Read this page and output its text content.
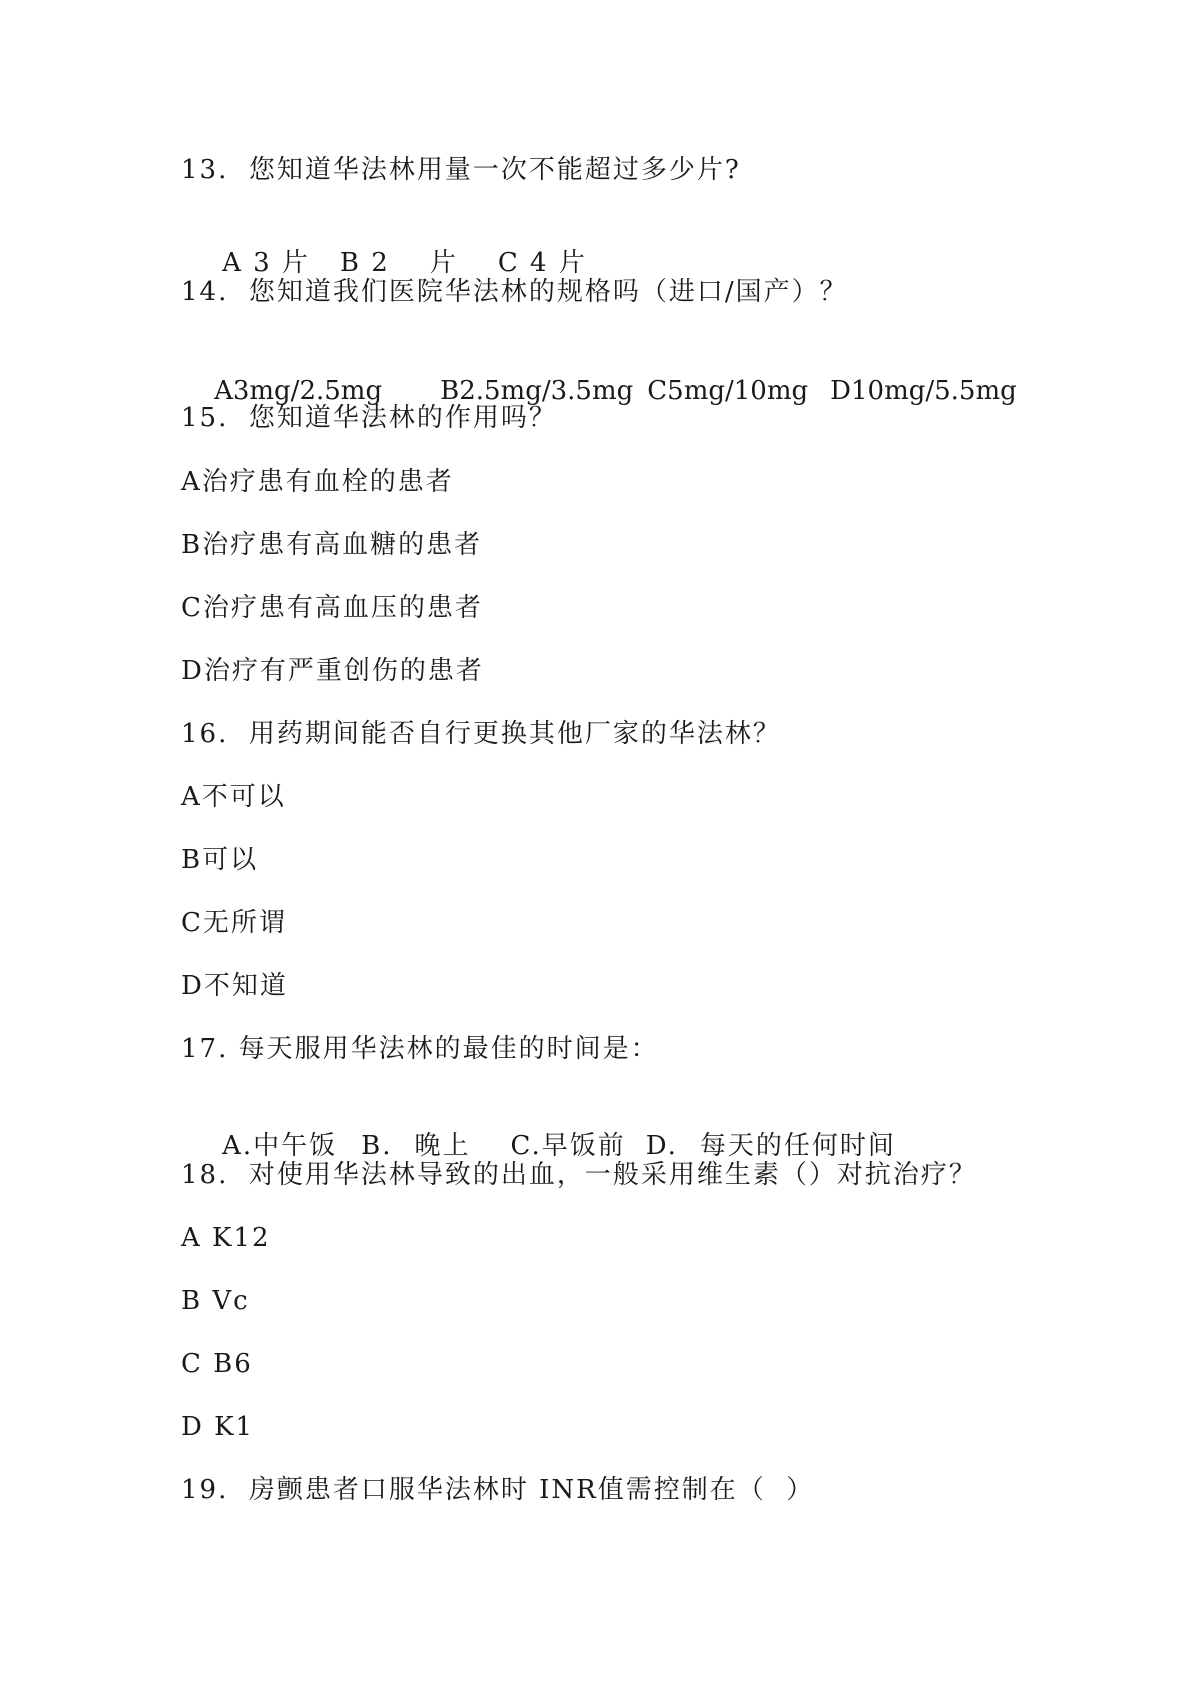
13.  您知道华法林用量一次不能超过多少片?

A 3 片 B 2 片 C 4 片

14.  您知道我们医院华法林的规格吗（进口/国产）？

A3mg/2.5mg B2.5mg/3.5mg C5mg/10mg D10mg/5.5mg

15.  您知道华法林的作用吗？
A治疗患有血栓的患者
B治疗患有高血糖的患者
C治疗患有高血压的患者
D治疗有严重创伤的患者
16.  用药期间能否自行更换其他厂家的华法林？
A不可以
B可以
C无所谓
D不知道
17. 每天服用华法林的最佳的时间是：

A.中午饭 B. 晚上 C.早饭前 D. 每天的任何时间

18.  对使用华法林导致的出血，一般采用维生素（）对抗治疗？
A K12
B Vc
C B6
D K1
19.  房颤患者口服华法林时 INR值需控制在（  ）
